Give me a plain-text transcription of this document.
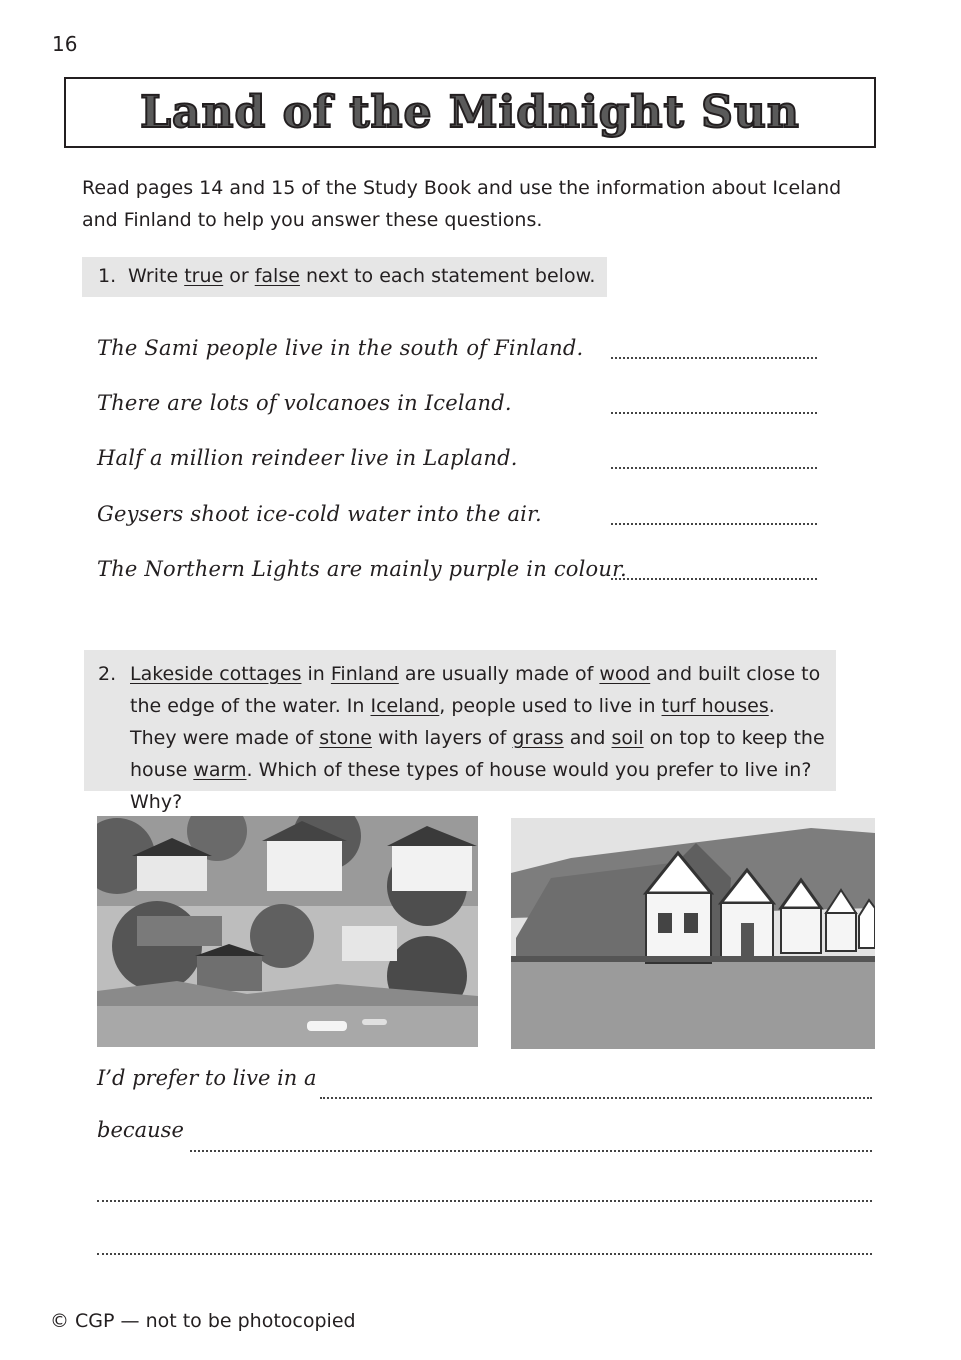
16
Land of the Midnight Sun
Read pages 14 and 15 of the Study Book and use the information about Iceland and Finland to help you answer these questions.
1. Write true or false next to each statement below.
The Sami people live in the south of Finland.
There are lots of volcanoes in Iceland.
Half a million reindeer live in Lapland.
Geysers shoot ice-cold water into the air.
The Northern Lights are mainly purple in colour.
2. Lakeside cottages in Finland are usually made of wood and built close to the edge of the water. In Iceland, people used to live in turf houses. They were made of stone with layers of grass and soil on top to keep the house warm. Which of these types of house would you prefer to live in? Why?
I’d prefer to live in a
because
© CGP — not to be photocopied
